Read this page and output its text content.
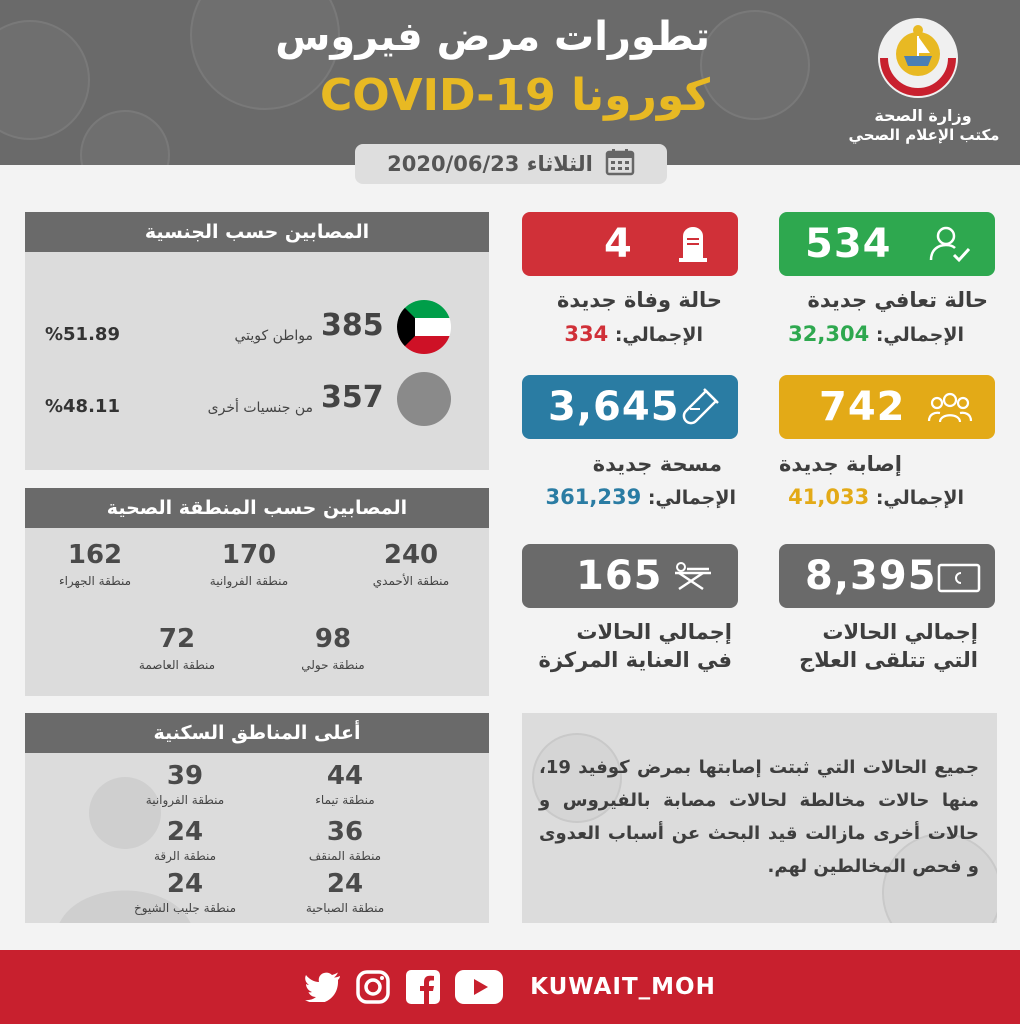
تطورات مرض فيروس
كورونا COVID-19	وزارة الصحة
مكتب الإعلام الصحي
الثلاثاء 2020/06/23
534
حالة تعافي جديدة
الإجمالي: 32,304
4
حالة وفاة جديدة
الإجمالي: 334
742
إصابة جديدة
الإجمالي: 41,033
3,645
مسحة جديدة
الإجمالي: 361,239
8,395
إجمالي الحالات
التي تتلقى العلاج
165
إجمالي الحالات
في العناية المركزة
المصابين حسب الجنسية
385
مواطن كويتي
%51.89
357
من جنسيات أخرى
%48.11
المصابين حسب المنطقة الصحية
240
منطقة الأحمدي
170
منطقة الفروانية
162
منطقة الجهراء
98
منطقة حولي
72
منطقة العاصمة
أعلى المناطق السكنية
44
منطقة تيماء
39
منطقة الفروانية
36
منطقة المنقف
24
منطقة الرقة
24
منطقة الصباحية
24
منطقة جليب الشيوخ
جميع الحالات التي ثبتت إصابتها بمرض كوفيد 19، منها حالات مخالطة لحالات مصابة بالفيروس و حالات أخرى مازالت قيد البحث عن أسباب العدوى و فحص المخالطين لهم.
KUWAIT_MOH
